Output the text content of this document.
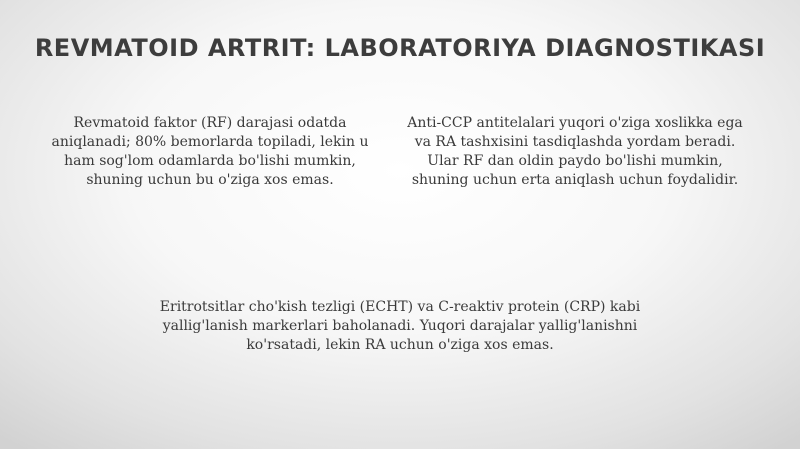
REVMATOID ARTRIT: LABORATORIYA DIAGNOSTIKASI
Revmatoid faktor (RF) darajasi odatda
aniqlanadi; 80% bemorlarda topiladi, lekin u
ham sog'lom odamlarda bo'lishi mumkin,
shuning uchun bu o'ziga xos emas.
Anti-CCP antitelalari yuqori o'ziga xoslikka ega
va RA tashxisini tasdiqlashda yordam beradi.
Ular RF dan oldin paydo bo'lishi mumkin,
shuning uchun erta aniqlash uchun foydalidir.
Eritrotsitlar cho'kish tezligi (ECHT) va C-reaktiv protein (CRP) kabi
yallig'lanish markerlari baholanadi. Yuqori darajalar yallig'lanishni
ko'rsatadi, lekin RA uchun o'ziga xos emas.
